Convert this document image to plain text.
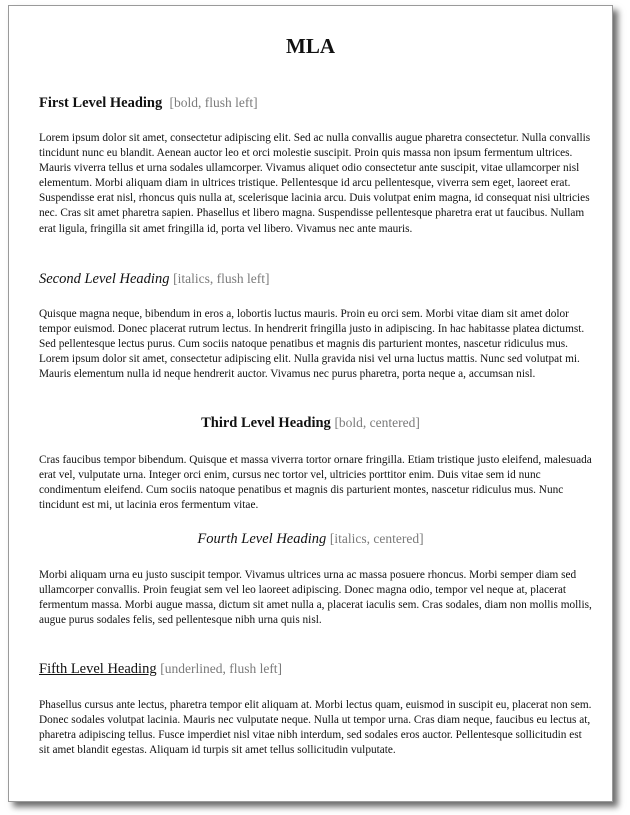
MLA
First Level Heading [bold, flush left]

Lorem ipsum dolor sit amet, consectetur adipiscing elit. Sed ac nulla convallis augue pharetra consectetur. Nulla convallis tincidunt nunc eu blandit. Aenean auctor leo et orci molestie suscipit. Proin quis massa non ipsum fermentum ultrices. Mauris viverra tellus et urna sodales ullamcorper. Vivamus aliquet odio consectetur ante suscipit, vitae ullamcorper nisl elementum. Morbi aliquam diam in ultrices tristique. Pellentesque id arcu pellentesque, viverra sem eget, laoreet erat. Suspendisse erat nisl, rhoncus quis nulla at, scelerisque lacinia arcu. Duis volutpat enim magna, id consequat nisi ultricies nec. Cras sit amet pharetra sapien. Phasellus et libero magna. Suspendisse pellentesque pharetra erat ut faucibus. Nullam erat ligula, fringilla sit amet fringilla id, porta vel libero. Vivamus nec ante mauris.

Second Level Heading [italics, flush left]

Quisque magna neque, bibendum in eros a, lobortis luctus mauris. Proin eu orci sem. Morbi vitae diam sit amet dolor tempor euismod. Donec placerat rutrum lectus. In hendrerit fringilla justo in adipiscing. In hac habitasse platea dictumst. Sed pellentesque lectus purus. Cum sociis natoque penatibus et magnis dis parturient montes, nascetur ridiculus mus. Lorem ipsum dolor sit amet, consectetur adipiscing elit. Nulla gravida nisi vel urna luctus mattis. Nunc sed volutpat mi. Mauris elementum nulla id neque hendrerit auctor. Vivamus nec purus pharetra, porta neque a, accumsan nisl.

Third Level Heading [bold, centered]

Cras faucibus tempor bibendum. Quisque et massa viverra tortor ornare fringilla. Etiam tristique justo eleifend, malesuada erat vel, vulputate urna. Integer orci enim, cursus nec tortor vel, ultricies porttitor enim. Duis vitae sem id nunc condimentum eleifend. Cum sociis natoque penatibus et magnis dis parturient montes, nascetur ridiculus mus. Nunc tincidunt est mi, ut lacinia eros fermentum vitae.

Fourth Level Heading [italics, centered]

Morbi aliquam urna eu justo suscipit tempor. Vivamus ultrices urna ac massa posuere rhoncus. Morbi semper diam sed ullamcorper convallis. Proin feugiat sem vel leo laoreet adipiscing. Donec magna odio, tempor vel neque at, placerat fermentum massa. Morbi augue massa, dictum sit amet nulla a, placerat iaculis sem. Cras sodales, diam non mollis mollis, augue purus sodales felis, sed pellentesque nibh urna quis nisl.

Fifth Level Heading [underlined, flush left]

Phasellus cursus ante lectus, pharetra tempor elit aliquam at. Morbi lectus quam, euismod in suscipit eu, placerat non sem. Donec sodales volutpat lacinia. Mauris nec vulputate neque. Nulla ut tempor urna. Cras diam neque, faucibus eu lectus at, pharetra adipiscing tellus. Fusce imperdiet nisl vitae nibh interdum, sed sodales eros auctor. Pellentesque sollicitudin est sit amet blandit egestas. Aliquam id turpis sit amet tellus sollicitudin vulputate.
